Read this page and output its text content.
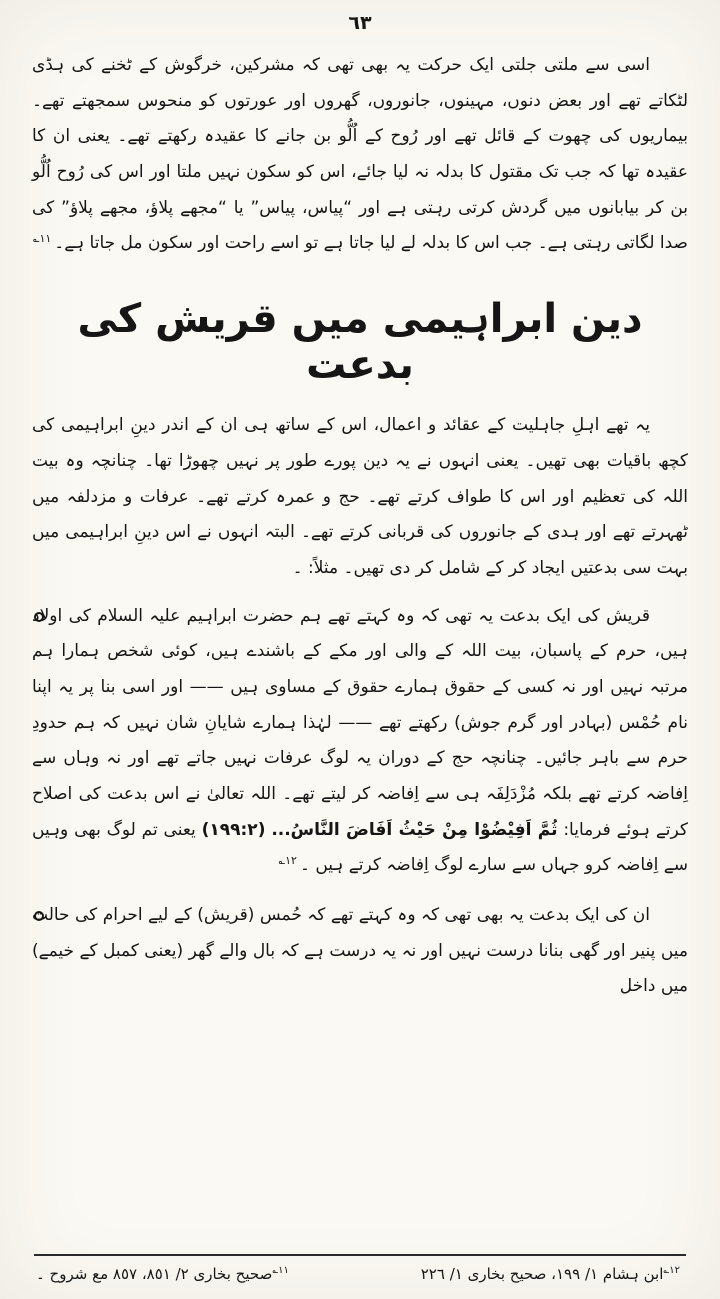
٦٣

اسی سے ملتی جلتی ایک حرکت یہ بھی تھی کہ مشرکین، خرگوش کے ٹخنے کی ہڈی لٹکاتے تھے اور بعض دنوں، مہینوں، جانوروں، گھروں اور عورتوں کو منحوس سمجھتے تھے۔ بیماریوں کی چھوت کے قائل تھے اور رُوح کے اُلُّو بن جانے کا عقیدہ رکھتے تھے۔ یعنی ان کا عقیدہ تھا کہ جب تک مقتول کا بدلہ نہ لیا جائے، اس کو سکون نہیں ملتا اور اس کی رُوح اُلُّو بن کر بیابانوں میں گردش کرتی رہتی ہے اور “پیاس، پیاس” یا “مجھے پلاؤ، مجھے پلاؤ” کی صدا لگاتی رہتی ہے۔ جب اس کا بدلہ لے لیا جاتا ہے تو اسے راحت اور سکون مل جاتا ہے۔$^{۱۱؎}$

دین ابراہیمی میں قریش کی بدعت

یہ تھے اہلِ جاہلیت کے عقائد و اعمال، اس کے ساتھ ہی ان کے اندر دینِ ابراہیمی کی کچھ باقیات بھی تھیں۔ یعنی انہوں نے یہ دین پورے طور پر نہیں چھوڑا تھا۔ چنانچہ وہ بیت اللہ کی تعظیم اور اس کا طواف کرتے تھے۔ حج و عمرہ کرتے تھے۔ عرفات و مزدلفہ میں ٹھہرتے تھے اور ہدی کے جانوروں کی قربانی کرتے تھے۔ البتہ انہوں نے اس دینِ ابراہیمی میں بہت سی بدعتیں ایجاد کر کے شامل کر دی تھیں۔ مثلاً: ۔

قریش کی ایک بدعت یہ تھی کہ وہ کہتے تھے ہم حضرت ابراہیم علیہ السلام کی اولاد ہیں، حرم کے پاسبان، بیت اللہ کے والی اور مکے کے باشندے ہیں، کوئی شخص ہمارا ہم مرتبہ نہیں اور نہ کسی کے حقوق ہمارے حقوق کے مساوی ہیں —— اور اسی بنا پر یہ اپنا نام حُمْس (بہادر اور گرم جوش) رکھتے تھے —— لہٰذا ہمارے شایانِ شان نہیں کہ ہم حدودِ حرم سے باہر جائیں۔ چنانچہ حج کے دوران یہ لوگ عرفات نہیں جاتے تھے اور نہ وہاں سے اِفاضہ کرتے تھے بلکہ مُزْدَلِفَہ ہی سے اِفاضہ کر لیتے تھے۔ اللہ تعالیٰ نے اس بدعت کی اصلاح کرتے ہوئے فرمایا: ثُمَّ اَفِيْضُوْا مِنْ حَيْثُ اَفَاضَ النَّاسُ... (١٩٩:٢) یعنی تم لوگ بھی وہیں سے اِفاضہ کرو جہاں سے سارے لوگ اِفاضہ کرتے ہیں ۔$^{۱۲؎}$

ان کی ایک بدعت یہ بھی تھی کہ وہ کہتے تھے کہ حُمس (قریش) کے لیے احرام کی حالت میں پنیر اور گھی بنانا درست نہیں اور نہ یہ درست ہے کہ بال والے گھر (یعنی کمبل کے خیمے) میں داخل

$^{۱۱؎}$صحیح بخاری ٢/ ٨٥١، ٨٥٧ مع شروح ۔	$^{۱۲؎}$ابن ہشام ١/ ١٩٩، صحیح بخاری ١/ ٢٢٦
